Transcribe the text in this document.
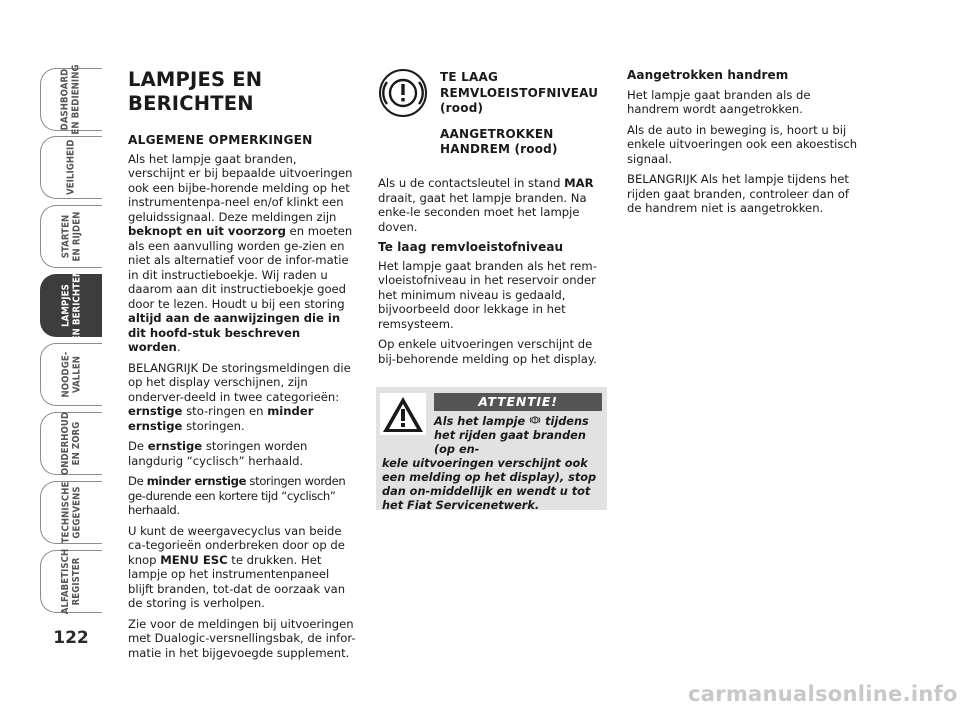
DASHBOARD
EN BEDIENING
VEILIGHEID
STARTEN
EN RIJDEN
LAMPJES
EN BERICHTEN
NOODGE-
VALLEN
ONDERHOUD
EN ZORG
TECHNISCHE
GEGEVENS
ALFABETISCH
REGISTER
122
LAMPJES EN BERICHTEN
ALGEMENE OPMERKINGEN

Als het lampje gaat branden, verschijnt er bij bepaalde uitvoeringen ook een bijbe-horende melding op het instrumentenpa-neel en/of klinkt een geluidssignaal. Deze meldingen zijn beknopt en uit voorzorg en moeten als een aanvulling worden ge-zien en niet als alternatief voor de infor-matie in dit instructieboekje. Wij raden u daarom aan dit instructieboekje goed door te lezen. Houdt u bij een storing altijd aan de aanwijzingen die in dit hoofd-stuk beschreven worden.

BELANGRIJK De storingsmeldingen die op het display verschijnen, zijn onderver-deeld in twee categorieën: ernstige sto-ringen en minder ernstige storingen.

De ernstige storingen worden langdurig “cyclisch” herhaald.

De minder ernstige storingen worden ge-durende een kortere tijd “cyclisch” herhaald.

U kunt de weergavecyclus van beide ca-tegorieën onderbreken door op de knop MENU ESC te drukken. Het lampje op het instrumentenpaneel blijft branden, tot-dat de oorzaak van de storing is verholpen.

Zie voor de meldingen bij uitvoeringen met Dualogic-versnellingsbak, de infor-matie in het bijgevoegde supplement.

TE LAAG REMVLOEISTOFNIVEAU (rood)
AANGETROKKEN HANDREM (rood)

Als u de contactsleutel in stand MAR draait, gaat het lampje branden. Na enke-le seconden moet het lampje doven.

Te laag remvloeistofniveau

Het lampje gaat branden als het rem-vloeistofniveau in het reservoir onder het minimum niveau is gedaald, bijvoorbeeld door lekkage in het remsysteem.

Op enkele uitvoeringen verschijnt de bij-behorende melding op het display.

ATTENTIE!
Als het lampje  tijdens het rijden gaat branden (op en-
kele uitvoeringen verschijnt ook een melding op het display), stop dan on-middellijk en wendt u tot het Fiat Servicenetwerk.
Aangetrokken handrem

Het lampje gaat branden als de handrem wordt aangetrokken.

Als de auto in beweging is, hoort u bij enkele uitvoeringen ook een akoestisch signaal.

BELANGRIJK Als het lampje tijdens het rijden gaat branden, controleer dan of de handrem niet is aangetrokken.

carmanualsonline.info
